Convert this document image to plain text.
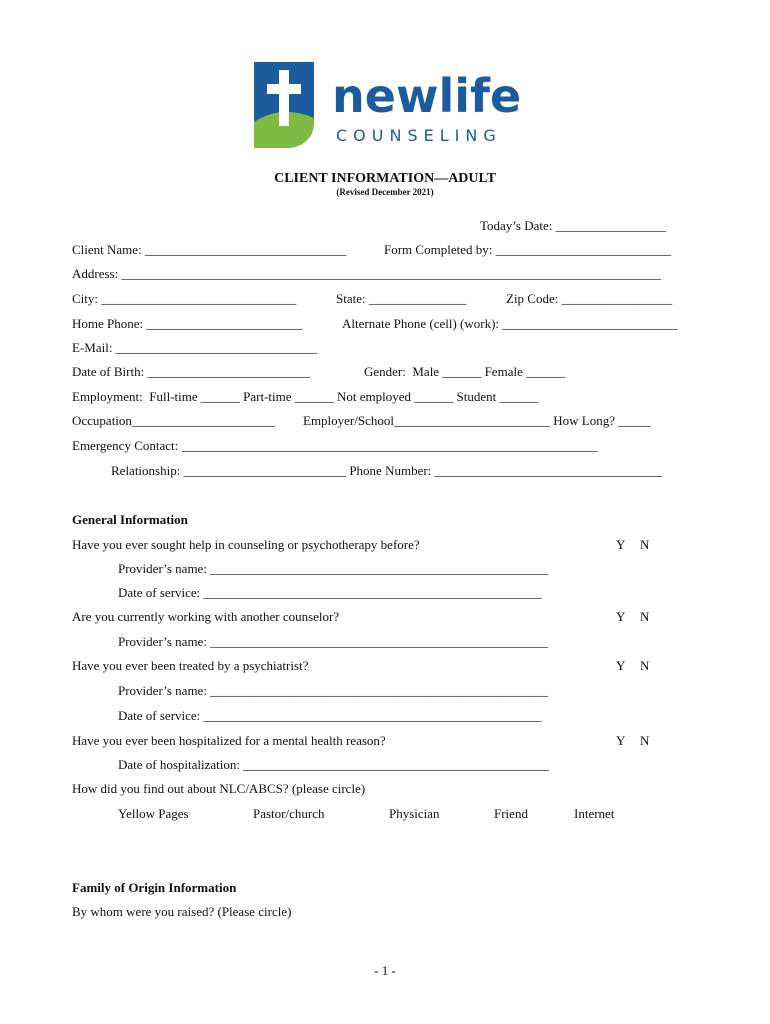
newlife
COUNSELING
CLIENT INFORMATION—ADULT
(Revised December 2021)
Today’s Date: _________________
Client Name: _______________________________	Form Completed by: ___________________________
Address: ___________________________________________________________________________________
City: ______________________________	State: _______________	Zip Code: _________________
Home Phone: ________________________	Alternate Phone (cell) (work): ___________________________
E-Mail: _______________________________
Date of Birth: _________________________	Gender:  Male ______ Female ______
Employment:  Full-time ______ Part-time ______ Not employed ______ Student ______
Occupation______________________ Employer/School________________________ How Long? _____
Emergency Contact: ________________________________________________________________
Relationship: _________________________ Phone Number: ___________________________________
General Information
Have you ever sought help in counseling or psychotherapy before?	Y N
Provider’s name: ____________________________________________________
Date of service: ____________________________________________________
Are you currently working with another counselor?	Y N
Provider’s name: ____________________________________________________
Have you ever been treated by a psychiatrist?	Y N
Provider’s name: ____________________________________________________
Date of service: ____________________________________________________
Have you ever been hospitalized for a mental health reason?	Y N
Date of hospitalization: _______________________________________________
How did you find out about NLC/ABCS? (please circle)
Yellow Pages	Pastor/church	Physician	Friend	Internet
Family of Origin Information
By whom were you raised? (Please circle)
- 1 -
